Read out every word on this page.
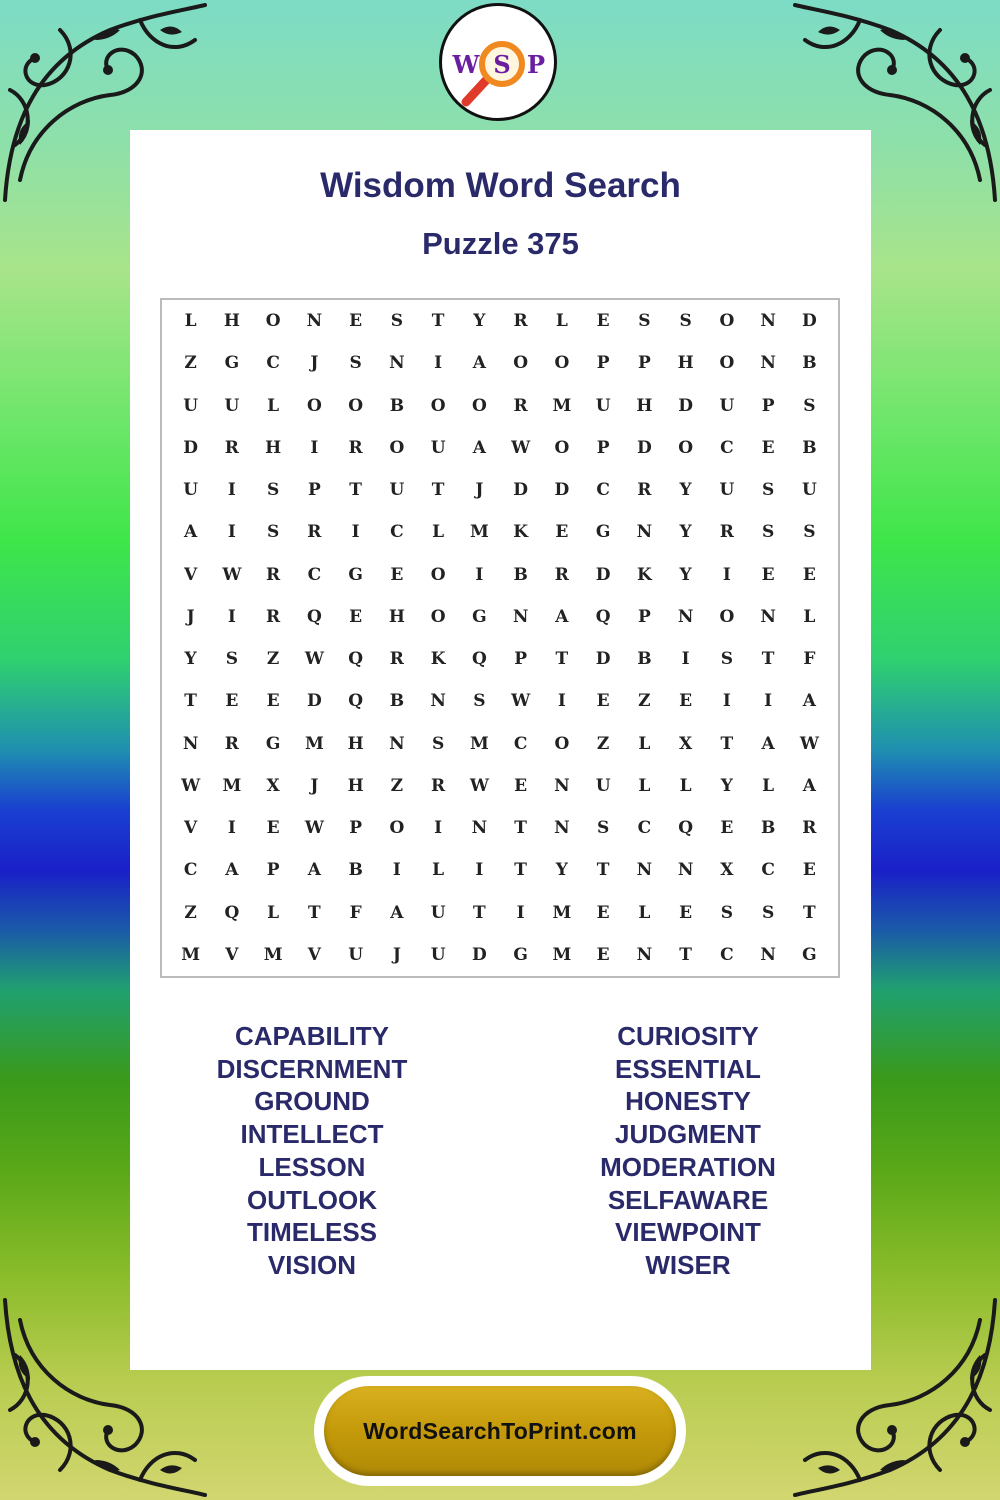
W S P
Wisdom Word Search
Puzzle 375
L	H	O	N	E	S	T	Y	R	L	E	S	S	O	N	D
Z	G	C	J	S	N	I	A	O	O	P	P	H	O	N	B
U	U	L	O	O	B	O	O	R	M	U	H	D	U	P	S
D	R	H	I	R	O	U	A	W	O	P	D	O	C	E	B
U	I	S	P	T	U	T	J	D	D	C	R	Y	U	S	U
A	I	S	R	I	C	L	M	K	E	G	N	Y	R	S	S
V	W	R	C	G	E	O	I	B	R	D	K	Y	I	E	E
J	I	R	Q	E	H	O	G	N	A	Q	P	N	O	N	L
Y	S	Z	W	Q	R	K	Q	P	T	D	B	I	S	T	F
T	E	E	D	Q	B	N	S	W	I	E	Z	E	I	I	A
N	R	G	M	H	N	S	M	C	O	Z	L	X	T	A	W
W	M	X	J	H	Z	R	W	E	N	U	L	L	Y	L	A
V	I	E	W	P	O	I	N	T	N	S	C	Q	E	B	R
C	A	P	A	B	I	L	I	T	Y	T	N	N	X	C	E
Z	Q	L	T	F	A	U	T	I	M	E	L	E	S	S	T
M	V	M	V	U	J	U	D	G	M	E	N	T	C	N	G
CAPABILITY
DISCERNMENT
GROUND
INTELLECT
LESSON
OUTLOOK
TIMELESS
VISION
CURIOSITY
ESSENTIAL
HONESTY
JUDGMENT
MODERATION
SELFAWARE
VIEWPOINT
WISER
WordSearchToPrint.com
